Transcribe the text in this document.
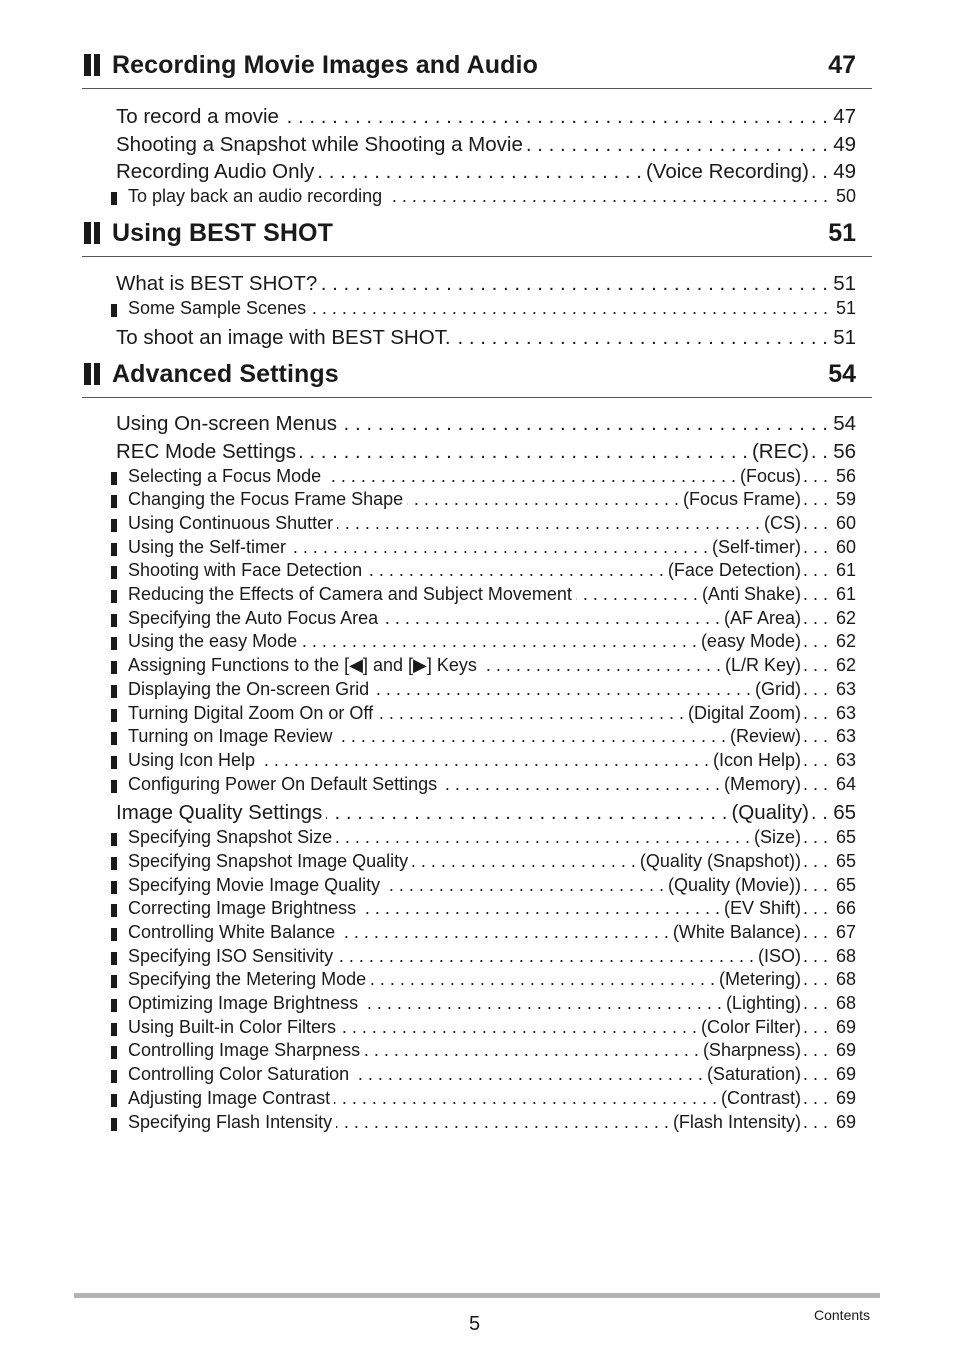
Recording Movie Images and Audio	47
To record a movie . . .	. . 47
Shooting a Snapshot while Shooting a Movie . . .	. . 49
Recording Audio Only . . .	(Voice Recording) . . 49
To play back an audio recording . . .	. . . 50
Using BEST SHOT	51
What is BEST SHOT? . . .	. . 51
Some Sample Scenes . . .	. . . 51
To shoot an image with BEST SHOT. . . .	. . 51
Advanced Settings	54
Using On-screen Menus . . .	. . 54
REC Mode Settings . . .	(REC) . . 56
Selecting a Focus Mode . . .	(Focus) . . . 56
Changing the Focus Frame Shape . . .	(Focus Frame) . . . 59
Using Continuous Shutter . . .	(CS) . . . 60
Using the Self-timer . . .	(Self-timer) . . . 60
Shooting with Face Detection . . .	(Face Detection) . . . 61
Reducing the Effects of Camera and Subject Movement . . .	(Anti Shake) . . . 61
Specifying the Auto Focus Area . . .	(AF Area) . . . 62
Using the easy Mode . . .	(easy Mode) . . . 62
Assigning Functions to the [◀] and [▶] Keys . . .	(L/R Key) . . . 62
Displaying the On-screen Grid . . .	(Grid) . . . 63
Turning Digital Zoom On or Off . . .	(Digital Zoom) . . . 63
Turning on Image Review . . .	(Review) . . . 63
Using Icon Help . . .	(Icon Help) . . . 63
Configuring Power On Default Settings . . .	(Memory) . . . 64
Image Quality Settings . . .	(Quality) . . 65
Specifying Snapshot Size . . .	(Size) . . . 65
Specifying Snapshot Image Quality . . .	(Quality (Snapshot)) . . . 65
Specifying Movie Image Quality . . .	(Quality (Movie)) . . . 65
Correcting Image Brightness . . .	(EV Shift) . . . 66
Controlling White Balance . . .	(White Balance) . . . 67
Specifying ISO Sensitivity . . .	(ISO) . . . 68
Specifying the Metering Mode . . .	(Metering) . . . 68
Optimizing Image Brightness . . .	(Lighting) . . . 68
Using Built-in Color Filters . . .	(Color Filter) . . . 69
Controlling Image Sharpness . . .	(Sharpness) . . . 69
Controlling Color Saturation . . .	(Saturation) . . . 69
Adjusting Image Contrast . . .	(Contrast) . . . 69
Specifying Flash Intensity . . .	(Flash Intensity) . . . 69
5	Contents
